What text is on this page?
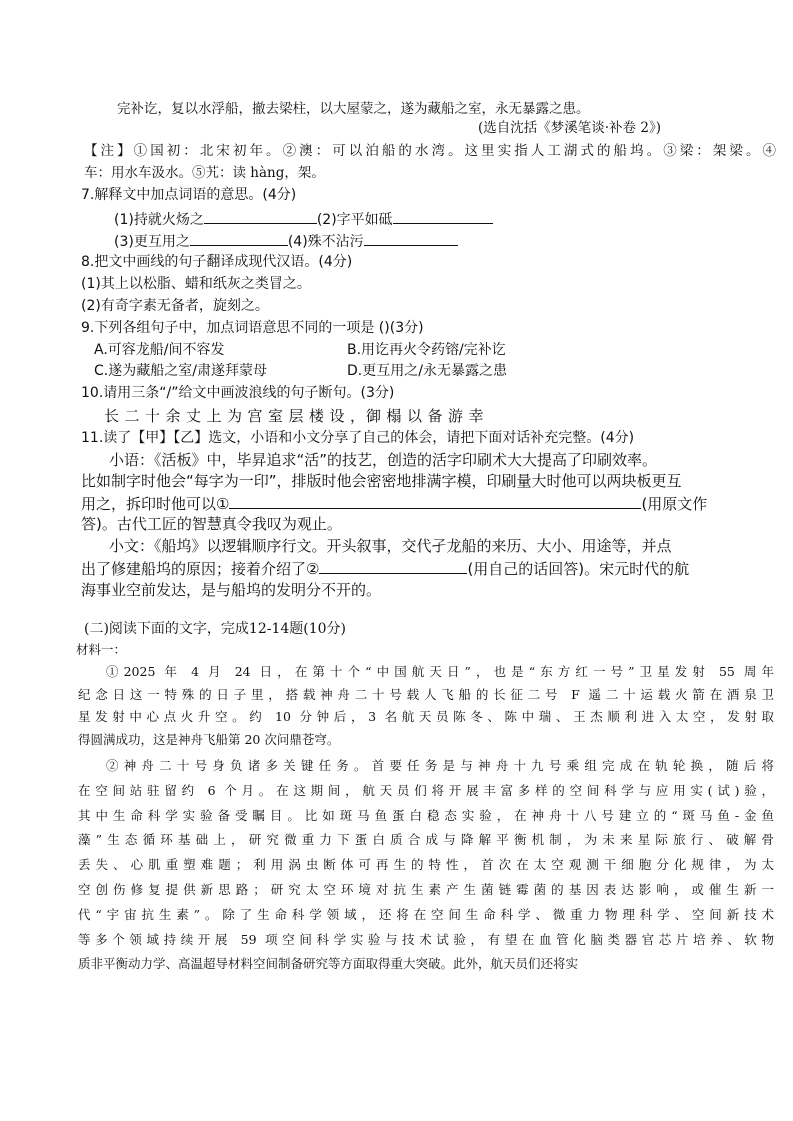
完补讫，复以水浮船，撤去梁柱，以大屋蒙之，遂为藏船之室，永无暴露之患。
(选自沈括《梦溪笔谈·补卷 2》)
【注】①国初：北宋初年。②澳：可以泊船的水湾。这里实指人工湖式的船坞。③梁：架梁。④
车：用水车汲水。⑤艽：读 hàng，架。
7.解释文中加点词语的意思。(4分)
(1)持就火炀之	(2)字平如砥
(3)更互用之	(4)殊不沾污
8.把文中画线的句子翻译成现代汉语。(4分)
(1)其上以松脂、蜡和纸灰之类冒之。
(2)有奇字素无备者，旋刻之。
9.下列各组句子中，加点词语意思不同的一项是 ()(3分)
A.可容龙船/间不容发	B.用讫再火令药镕/完补讫
C.遂为藏船之室/肃遂拜蒙母	D.更互用之/永无暴露之患
10.请用三条“/”给文中画波浪线的句子断句。(3分)
长二十余丈上为宫室层楼设，御榻以备游幸
11.读了【甲】【乙】选文，小语和小文分享了自己的体会，请把下面对话补充完整。(4分)
小语：《活板》中，毕昇追求“活”的技艺，创造的活字印刷术大大提高了印刷效率。
比如制字时他会“每字为一印”，排版时他会密密地排满字模，印刷量大时他可以两块板更互
用之，拆印时他可以①	(用原文作
答)。古代工匠的智慧真令我叹为观止。
小文：《船坞》以逻辑顺序行文。开头叙事，交代孑龙船的来历、大小、用途等，并点
出了修建船坞的原因；接着介绍了②	(用自己的话回答)。宋元时代的航
海事业空前发达，是与船坞的发明分不开的。
(二)阅读下面的文字，完成12-14题(10分)
材料一：
①2025 年 4 月 24 日，在第十个“中国航天日”，也是“东方红一号”卫星发射 55 周年
纪念日这一特殊的日子里，搭载神舟二十号载人飞船的长征二号 F 遥二十运载火箭在酒泉卫
星发射中心点火升空。约 10 分钟后，3 名航天员陈冬、陈中瑞、王杰顺利进入太空，发射取
得圆满成功，这是神舟飞船第 20 次问鼎苍穹。
②神舟二十号身负诸多关键任务。首要任务是与神舟十九号乘组完成在轨轮换，随后将
在空间站驻留约 6 个月。在这期间，航天员们将开展丰富多样的空间科学与应用实(试)验，
其中生命科学实验备受瞩目。比如斑马鱼蛋白稳态实验，在神舟十八号建立的“斑马鱼-金鱼
藻”生态循环基础上，研究微重力下蛋白质合成与降解平衡机制，为未来星际旅行、破解骨
丢失、心肌重塑难题；利用涡虫断体可再生的特性，首次在太空观测干细胞分化规律，为太
空创伤修复提供新思路；研究太空环境对抗生素产生菌链霉菌的基因表达影响，或催生新一
代“宇宙抗生素”。除了生命科学领域，还将在空间生命科学、微重力物理科学、空间新技术
等多个领域持续开展 59 项空间科学实验与技术试验，有望在血管化脑类器官芯片培养、软物
质非平衡动力学、高温超导材料空间制备研究等方面取得重大突破。此外，航天员们还将实
